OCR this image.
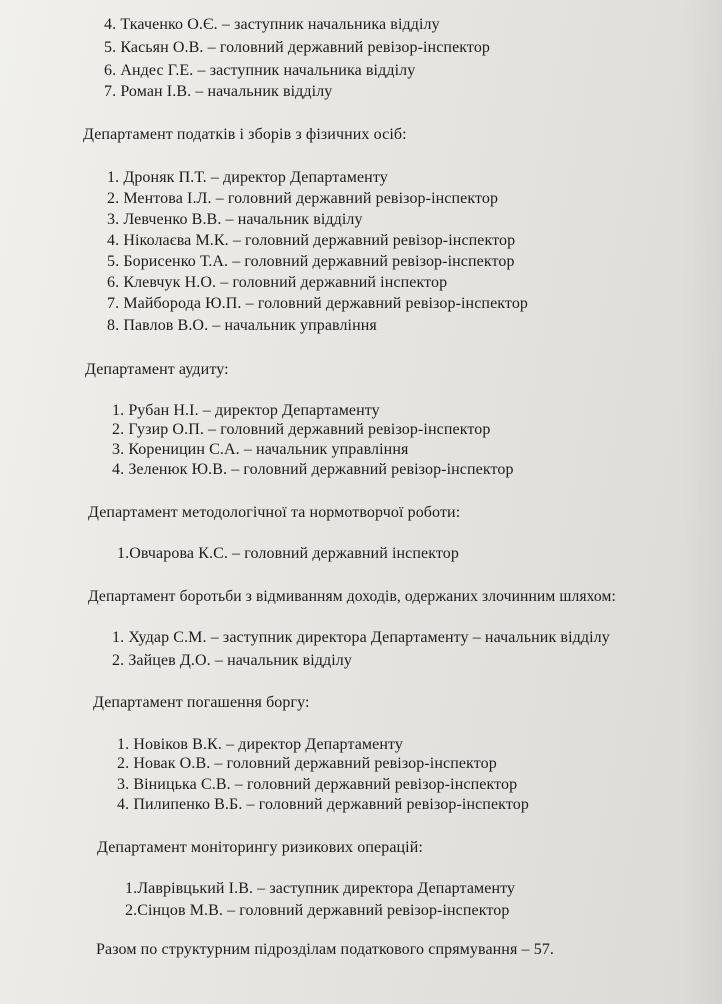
4. Ткаченко О.Є. – заступник начальника відділу
5. Касьян О.В. – головний державний ревізор-інспектор
6. Андес Г.Е. – заступник начальника відділу
7. Роман І.В. – начальник відділу
Департамент податків і зборів з фізичних осіб:
1. Дроняк П.Т. – директор Департаменту
2. Ментова І.Л. – головний державний ревізор-інспектор
3. Левченко В.В. – начальник відділу
4. Ніколаєва М.К. – головний державний ревізор-інспектор
5. Борисенко Т.А. – головний державний ревізор-інспектор
6. Клевчук Н.О. – головний державний інспектор
7. Майборода Ю.П. – головний державний ревізор-інспектор
8. Павлов В.О. – начальник управління
Департамент аудиту:
1. Рубан Н.І. – директор Департаменту
2. Гузир О.П. – головний державний ревізор-інспектор
3. Кореницин С.А. – начальник управління
4. Зеленюк Ю.В. – головний державний ревізор-інспектор
Департамент методологічної та нормотворчої роботи:
1.Овчарова К.С. – головний державний інспектор
Департамент боротьби з відмиванням доходів, одержаних злочинним шляхом:
1. Худар С.М. – заступник директора Департаменту – начальник відділу
2. Зайцев Д.О. – начальник відділу
Департамент погашення боргу:
1. Новіков В.К. – директор Департаменту
2. Новак О.В. – головний державний ревізор-інспектор
3. Віницька С.В. – головний державний ревізор-інспектор
4. Пилипенко В.Б. – головний державний ревізор-інспектор
Департамент моніторингу ризикових операцій:
1.Лаврівцький І.В. – заступник директора Департаменту
2.Сінцов М.В. – головний державний ревізор-інспектор
Разом по структурним підрозділам податкового спрямування – 57.
